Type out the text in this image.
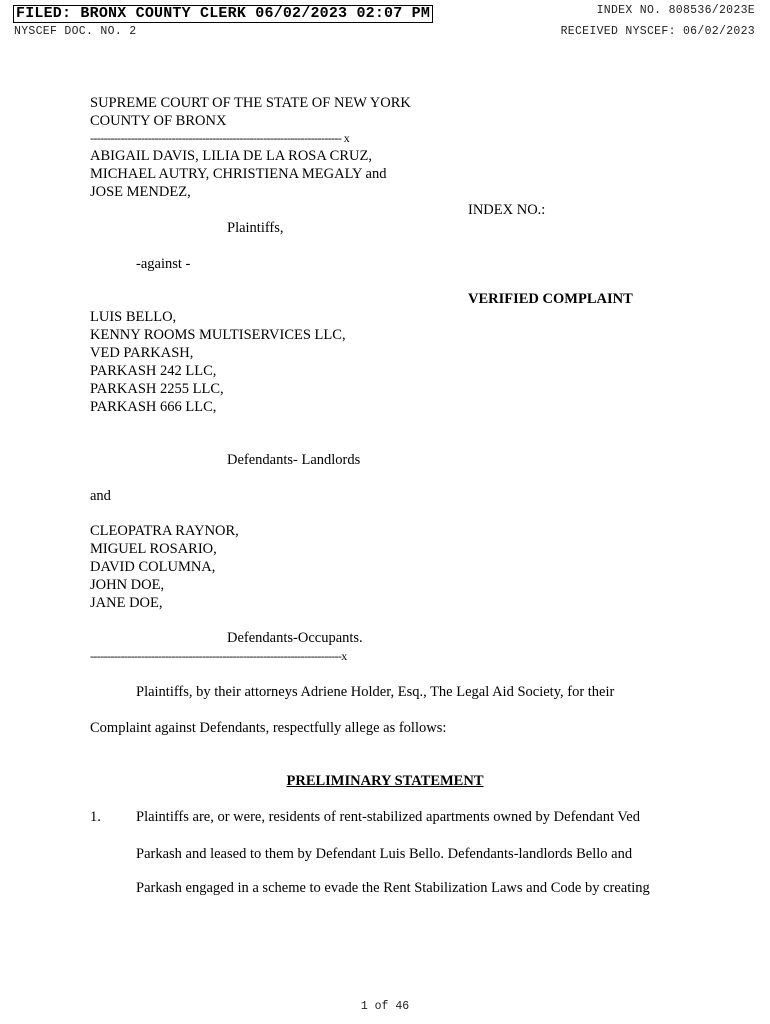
FILED: BRONX COUNTY CLERK 06/02/2023 02:07 PM	INDEX NO. 808536/2023E
NYSCEF DOC. NO. 2	RECEIVED NYSCEF: 06/02/2023
SUPREME COURT OF THE STATE OF NEW YORK
COUNTY OF BRONX
-------------------------------------------------------------------------- x
ABIGAIL DAVIS, LILIA DE LA ROSA CRUZ,
MICHAEL AUTRY, CHRISTIENA MEGALY and
JOSE MENDEZ,
INDEX NO.:
Plaintiffs,
-against -
VERIFIED COMPLAINT
LUIS BELLO,
KENNY ROOMS MULTISERVICES LLC,
VED PARKASH,
PARKASH 242 LLC,
PARKASH 2255 LLC,
PARKASH 666 LLC,
Defendants- Landlords
and
CLEOPATRA RAYNOR,
MIGUEL ROSARIO,
DAVID COLUMNA,
JOHN DOE,
JANE DOE,
Defendants-Occupants.
--------------------------------------------------------------------------x
Plaintiffs, by their attorneys Adriene Holder, Esq., The Legal Aid Society, for their
Complaint against Defendants, respectfully allege as follows:
PRELIMINARY STATEMENT
1. Plaintiffs are, or were, residents of rent-stabilized apartments owned by Defendant Ved
Parkash and leased to them by Defendant Luis Bello. Defendants-landlords Bello and
Parkash engaged in a scheme to evade the Rent Stabilization Laws and Code by creating
1 of 46
